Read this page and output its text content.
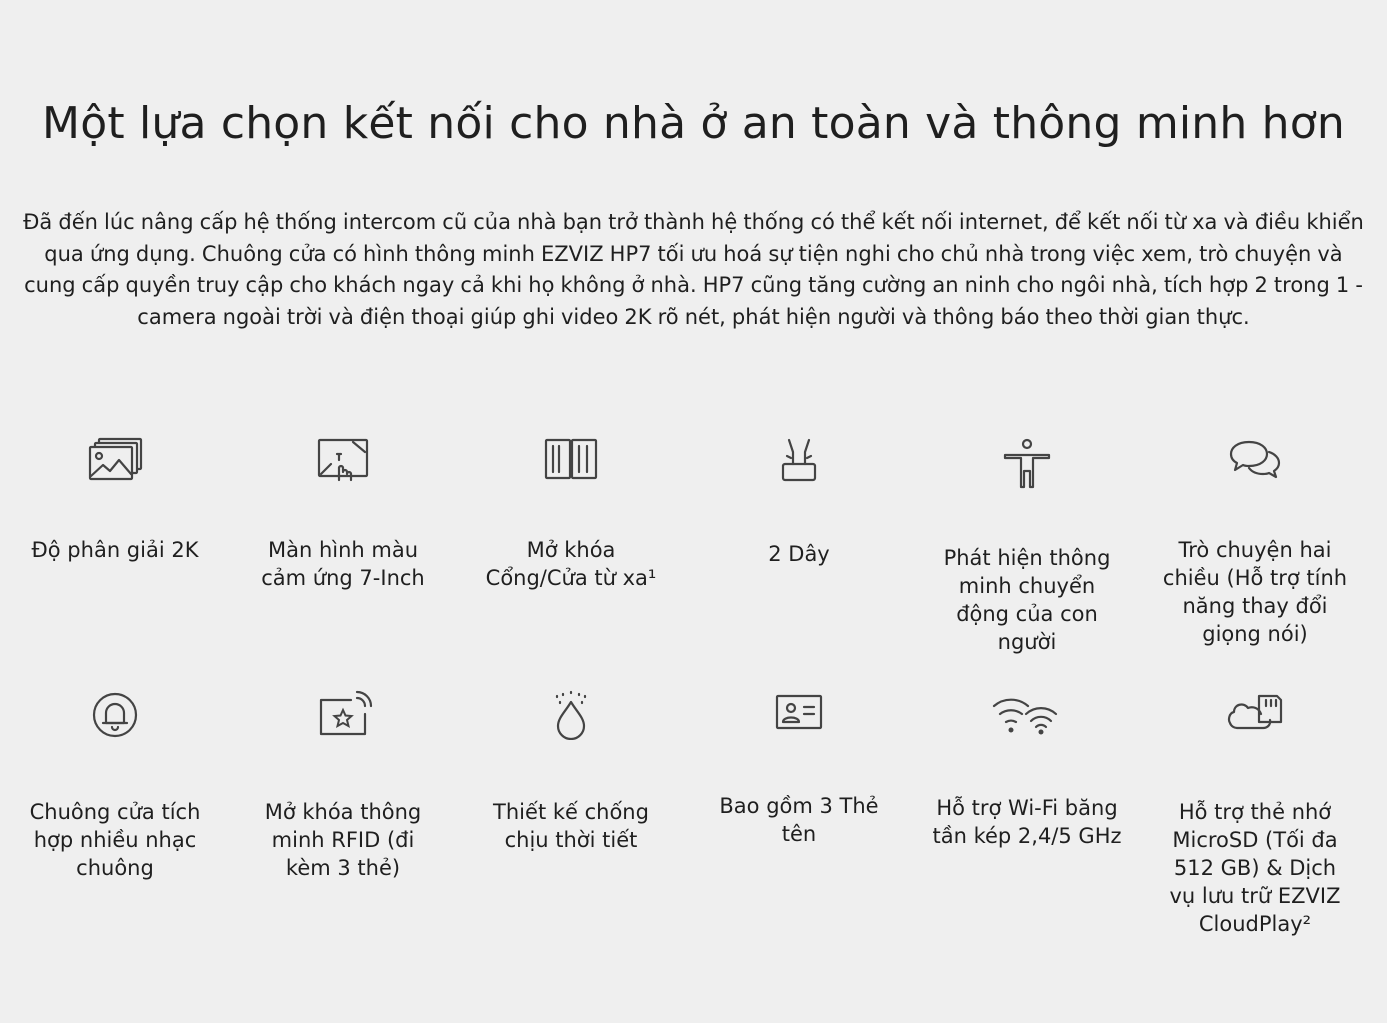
Một lựa chọn kết nối cho nhà ở an toàn và thông minh hơn

Đã đến lúc nâng cấp hệ thống intercom cũ của nhà bạn trở thành hệ thống có thể kết nối internet, để kết nối từ xa và điều khiển qua ứng dụng. Chuông cửa có hình thông minh EZVIZ HP7 tối ưu hoá sự tiện nghi cho chủ nhà trong việc xem, trò chuyện và cung cấp quyền truy cập cho khách ngay cả khi họ không ở nhà. HP7 cũng tăng cường an ninh cho ngôi nhà, tích hợp 2 trong 1 - camera ngoài trời và điện thoại giúp ghi video 2K rõ nét, phát hiện người và thông báo theo thời gian thực.

Độ phân giải 2K	Màn hình màu cảm ứng 7-Inch
Mở khóa Cổng/Cửa từ xa¹
2 Dây	Phát hiện thông minh chuyển động của con người
Trò chuyện hai chiều (Hỗ trợ tính năng thay đổi giọng nói)
Chuông cửa tích hợp nhiều nhạc chuông
Mở khóa thông minh RFID (đi kèm 3 thẻ)
Thiết kế chống chịu thời tiết
Bao gồm 3 Thẻ tên
Hỗ trợ Wi-Fi băng tần kép 2,4/5 GHz
Hỗ trợ thẻ nhớ MicroSD (Tối đa 512 GB) & Dịch vụ lưu trữ EZVIZ CloudPlay²
